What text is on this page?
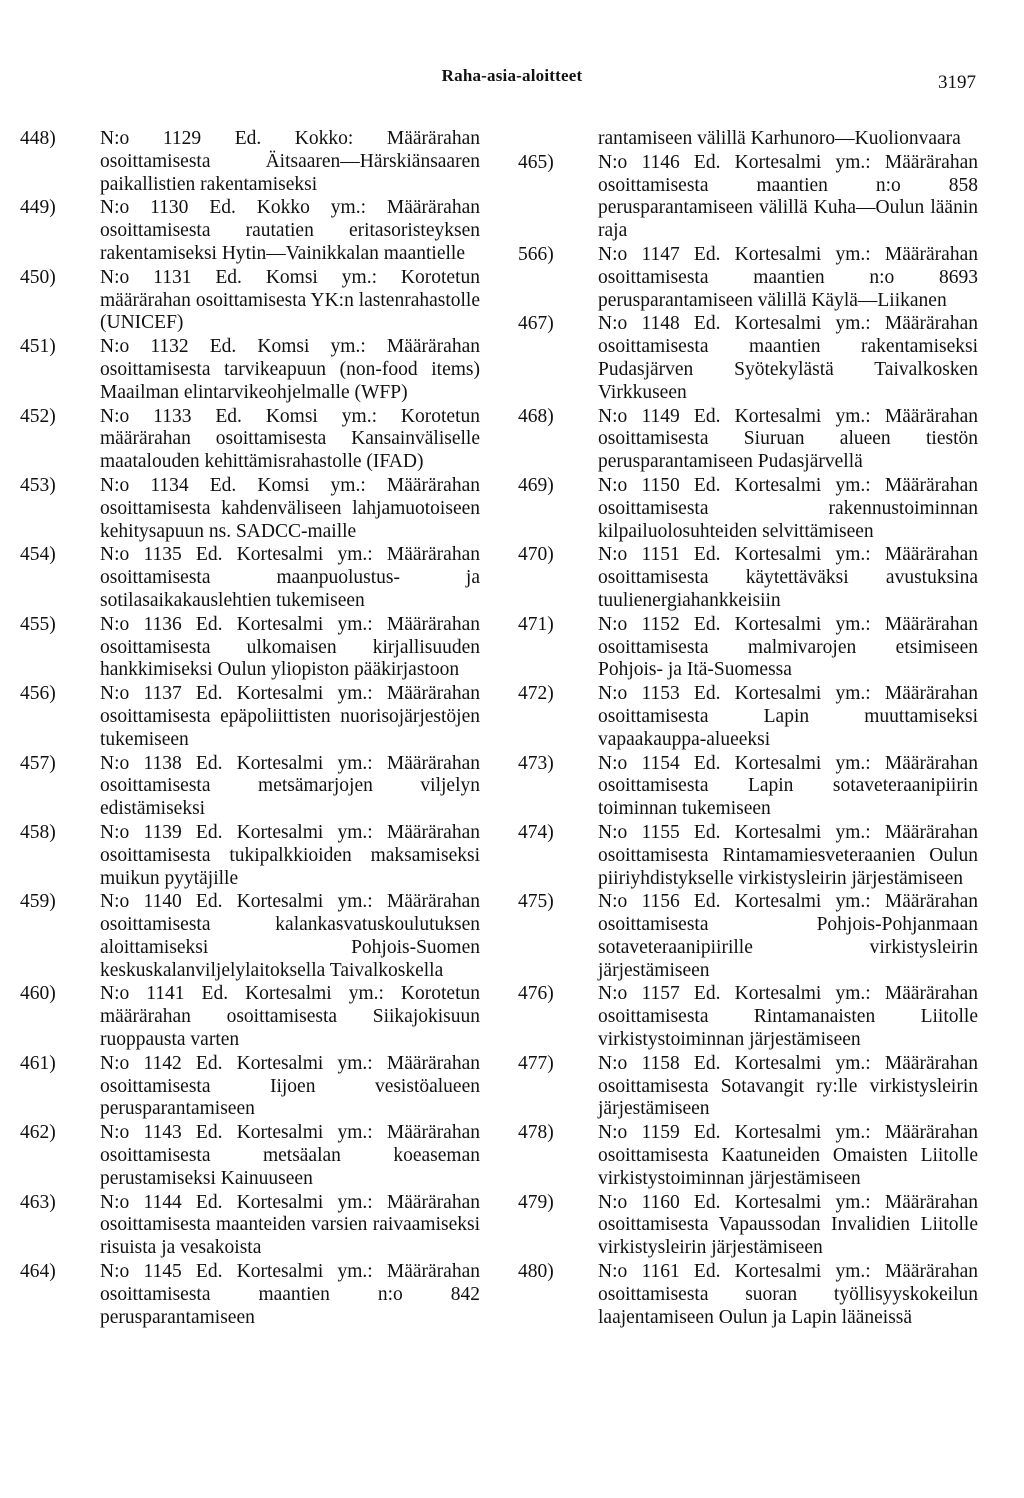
Raha-asia-aloitteet	3197
448) N:o 1129 Ed. Kokko: Määrärahan osoittamisesta Äitsaaren—Härskiänsaaren paikallistien rakentamiseksi
449) N:o 1130 Ed. Kokko ym.: Määrärahan osoittamisesta rautatien eritasoristeyksen rakentamiseksi Hytin—Vainikkalan maantielle
450) N:o 1131 Ed. Komsi ym.: Korotetun määrärahan osoittamisesta YK:n lastenrahastolle (UNICEF)
451) N:o 1132 Ed. Komsi ym.: Määrärahan osoittamisesta tarvikeapuun (non-food items) Maailman elintarvikeohjelmalle (WFP)
452) N:o 1133 Ed. Komsi ym.: Korotetun määrärahan osoittamisesta Kansainväliselle maatalouden kehittämisrahastolle (IFAD)
453) N:o 1134 Ed. Komsi ym.: Määrärahan osoittamisesta kahdenväliseen lahjamuotoiseen kehitysapuun ns. SADCC-maille
454) N:o 1135 Ed. Kortesalmi ym.: Määrärahan osoittamisesta maanpuolustus- ja sotilasaikakauslehtien tukemiseen
455) N:o 1136 Ed. Kortesalmi ym.: Määrärahan osoittamisesta ulkomaisen kirjallisuuden hankkimiseksi Oulun yliopiston pääkirjastoon
456) N:o 1137 Ed. Kortesalmi ym.: Määrärahan osoittamisesta epäpoliittisten nuorisojärjestöjen tukemiseen
457) N:o 1138 Ed. Kortesalmi ym.: Määrärahan osoittamisesta metsämarjojen viljelyn edistämiseksi
458) N:o 1139 Ed. Kortesalmi ym.: Määrärahan osoittamisesta tukipalkkioiden maksamiseksi muikun pyytäjille
459) N:o 1140 Ed. Kortesalmi ym.: Määrärahan osoittamisesta kalankasvatuskoulutuksen aloittamiseksi Pohjois-Suomen keskuskalanviljelylaitoksella Taivalkoskella
460) N:o 1141 Ed. Kortesalmi ym.: Korotetun määrärahan osoittamisesta Siikajokisuun ruoppausta varten
461) N:o 1142 Ed. Kortesalmi ym.: Määrärahan osoittamisesta Iijoen vesistöalueen perusparantamiseen
462) N:o 1143 Ed. Kortesalmi ym.: Määrärahan osoittamisesta metsäalan koeaseman perustamiseksi Kainuuseen
463) N:o 1144 Ed. Kortesalmi ym.: Määrärahan osoittamisesta maanteiden varsien raivaamiseksi risuista ja vesakoista
464) N:o 1145 Ed. Kortesalmi ym.: Määrärahan osoittamisesta maantien n:o 842 perusparantamiseen
rantamiseen välillä Karhunoro—Kuolionvaara
465) N:o 1146 Ed. Kortesalmi ym.: Määrärahan osoittamisesta maantien n:o 858 perusparantamiseen välillä Kuha—Oulun läänin raja
566) N:o 1147 Ed. Kortesalmi ym.: Määrärahan osoittamisesta maantien n:o 8693 perusparantamiseen välillä Käylä—Liikanen
467) N:o 1148 Ed. Kortesalmi ym.: Määrärahan osoittamisesta maantien rakentamiseksi Pudasjärven Syötekylästä Taivalkosken Virkkuseen
468) N:o 1149 Ed. Kortesalmi ym.: Määrärahan osoittamisesta Siuruan alueen tiestön perusparantamiseen Pudasjärvellä
469) N:o 1150 Ed. Kortesalmi ym.: Määrärahan osoittamisesta rakennustoiminnan kilpailuolosuhteiden selvittämiseen
470) N:o 1151 Ed. Kortesalmi ym.: Määrärahan osoittamisesta käytettäväksi avustuksina tuulienergiahankkeisiin
471) N:o 1152 Ed. Kortesalmi ym.: Määrärahan osoittamisesta malmivarojen etsimiseen Pohjois- ja Itä-Suomessa
472) N:o 1153 Ed. Kortesalmi ym.: Määrärahan osoittamisesta Lapin muuttamiseksi vapaakauppa-alueeksi
473) N:o 1154 Ed. Kortesalmi ym.: Määrärahan osoittamisesta Lapin sotaveteraanipiirin toiminnan tukemiseen
474) N:o 1155 Ed. Kortesalmi ym.: Määrärahan osoittamisesta Rintamamiesveteraanien Oulun piiriyhdistykselle virkistysleirin järjestämiseen
475) N:o 1156 Ed. Kortesalmi ym.: Määrärahan osoittamisesta Pohjois-Pohjanmaan sotaveteraanipiirille virkistysleirin järjestämiseen
476) N:o 1157 Ed. Kortesalmi ym.: Määrärahan osoittamisesta Rintamanaisten Liitolle virkistystoiminnan järjestämiseen
477) N:o 1158 Ed. Kortesalmi ym.: Määrärahan osoittamisesta Sotavangit ry:lle virkistysleirin järjestämiseen
478) N:o 1159 Ed. Kortesalmi ym.: Määrärahan osoittamisesta Kaatuneiden Omaisten Liitolle virkistystoiminnan järjestämiseen
479) N:o 1160 Ed. Kortesalmi ym.: Määrärahan osoittamisesta Vapaussodan Invalidien Liitolle virkistysleirin järjestämiseen
480) N:o 1161 Ed. Kortesalmi ym.: Määrärahan osoittamisesta suoran työllisyyskokeilun laajentamiseen Oulun ja Lapin lääneissä
